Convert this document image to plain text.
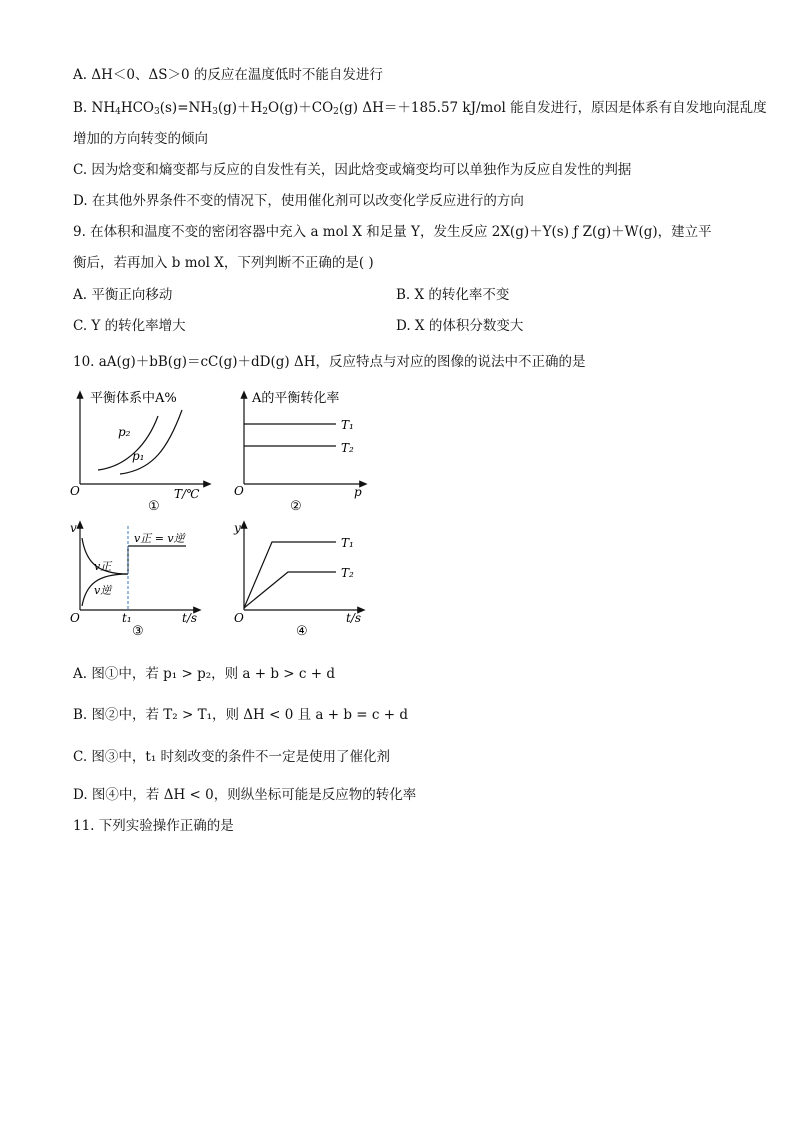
A. ΔH＜0、ΔS＞0 的反应在温度低时不能自发进行
B. $NH_4HCO_3(s)=NH_3(g)+H_2O(g)+CO_2(g)$ ΔH＝＋185.57 kJ/mol 能自发进行，原因是体系有自发地向混乱度
增加的方向转变的倾向
C. 因为焓变和熵变都与反应的自发性有关，因此焓变或熵变均可以单独作为反应自发性的判据
D. 在其他外界条件不变的情况下，使用催化剂可以改变化学反应进行的方向
9. 在体积和温度不变的密闭容器中充入 a mol X 和足量 Y，发生反应 2X(g)＋Y(s) ƒ Z(g)＋W(g)，建立平
衡后，若再加入 b mol X，下列判断不正确的是( )
A. 平衡正向移动	B. X 的转化率不变
C. Y 的转化率增大	D. X 的体积分数变大
10. aA(g)＋bB(g)＝cC(g)＋dD(g) ΔH，反应特点与对应的图像的说法中不正确的是
平衡体系中A%
O	T/℃
p₂
p₁
①
A的平衡转化率
O	p
T₁
T₂
②
v
O	t/s
v正 = v逆
v正
v逆
t₁
③
y
O	t/s
T₁
T₂
④
A. 图①中，若 p₁ > p₂，则 a + b > c + d
B. 图②中，若 T₂ > T₁，则 ΔH < 0 且 a + b = c + d
C. 图③中，t₁ 时刻改变的条件不一定是使用了催化剂
D. 图④中，若 ΔH < 0，则纵坐标可能是反应物的转化率
11. 下列实验操作正确的是
